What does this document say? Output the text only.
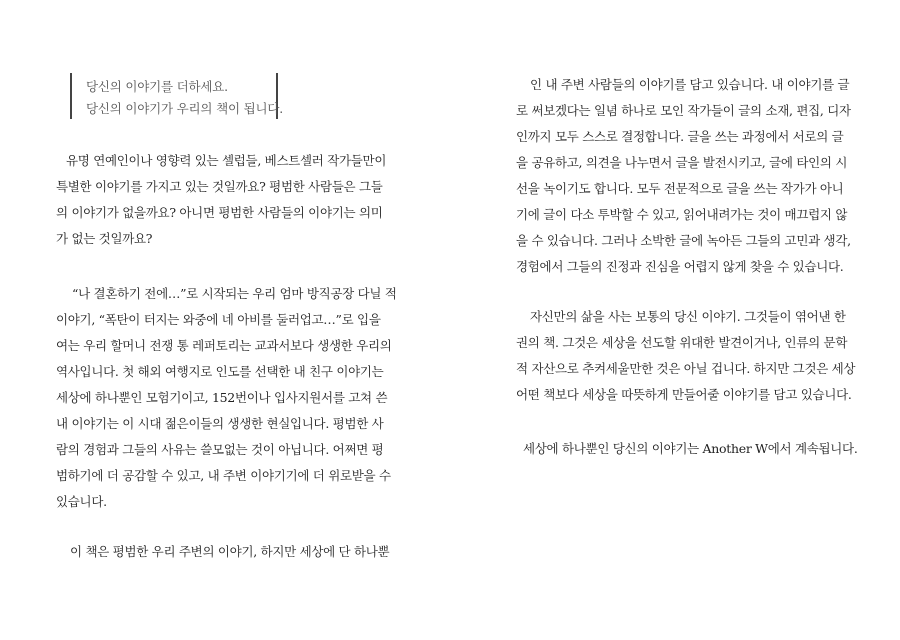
당신의 이야기를 더하세요.
당신의 이야기가 우리의 책이 됩니다.
유명 연예인이나 영향력 있는 셀럽들, 베스트셀러 작가들만이
특별한 이야기를 가지고 있는 것일까요? 평범한 사람들은 그들
의 이야기가 없을까요? 아니면 평범한 사람들의 이야기는 의미
가 없는 것일까요?
“나 결혼하기 전에…”로 시작되는 우리 엄마 방직공장 다닐 적
이야기, “폭탄이 터지는 와중에 네 아비를 둘러업고…”로 입을
여는 우리 할머니 전쟁 통 레퍼토리는 교과서보다 생생한 우리의
역사입니다. 첫 해외 여행지로 인도를 선택한 내 친구 이야기는
세상에 하나뿐인 모험기이고, 152번이나 입사지원서를 고쳐 쓴
내 이야기는 이 시대 젊은이들의 생생한 현실입니다. 평범한 사
람의 경험과 그들의 사유는 쓸모없는 것이 아닙니다. 어쩌면 평
범하기에 더 공감할 수 있고, 내 주변 이야기기에 더 위로받을 수
있습니다.
이 책은 평범한 우리 주변의 이야기, 하지만 세상에 단 하나뿐
인 내 주변 사람들의 이야기를 담고 있습니다. 내 이야기를 글
로 써보겠다는 일념 하나로 모인 작가들이 글의 소재, 편집, 디자
인까지 모두 스스로 결정합니다. 글을 쓰는 과정에서 서로의 글
을 공유하고, 의견을 나누면서 글을 발전시키고, 글에 타인의 시
선을 녹이기도 합니다. 모두 전문적으로 글을 쓰는 작가가 아니
기에 글이 다소 투박할 수 있고, 읽어내려가는 것이 매끄럽지 않
을 수 있습니다. 그러나 소박한 글에 녹아든 그들의 고민과 생각,
경험에서 그들의 진정과 진심을 어렵지 않게 찾을 수 있습니다.
자신만의 삶을 사는 보통의 당신 이야기. 그것들이 엮어낸 한
권의 책. 그것은 세상을 선도할 위대한 발견이거나, 인류의 문학
적 자산으로 추켜세울만한 것은 아닐 겁니다. 하지만 그것은 세상
어떤 책보다 세상을 따뜻하게 만들어줄 이야기를 담고 있습니다.
세상에 하나뿐인 당신의 이야기는 Another W에서 계속됩니다.
